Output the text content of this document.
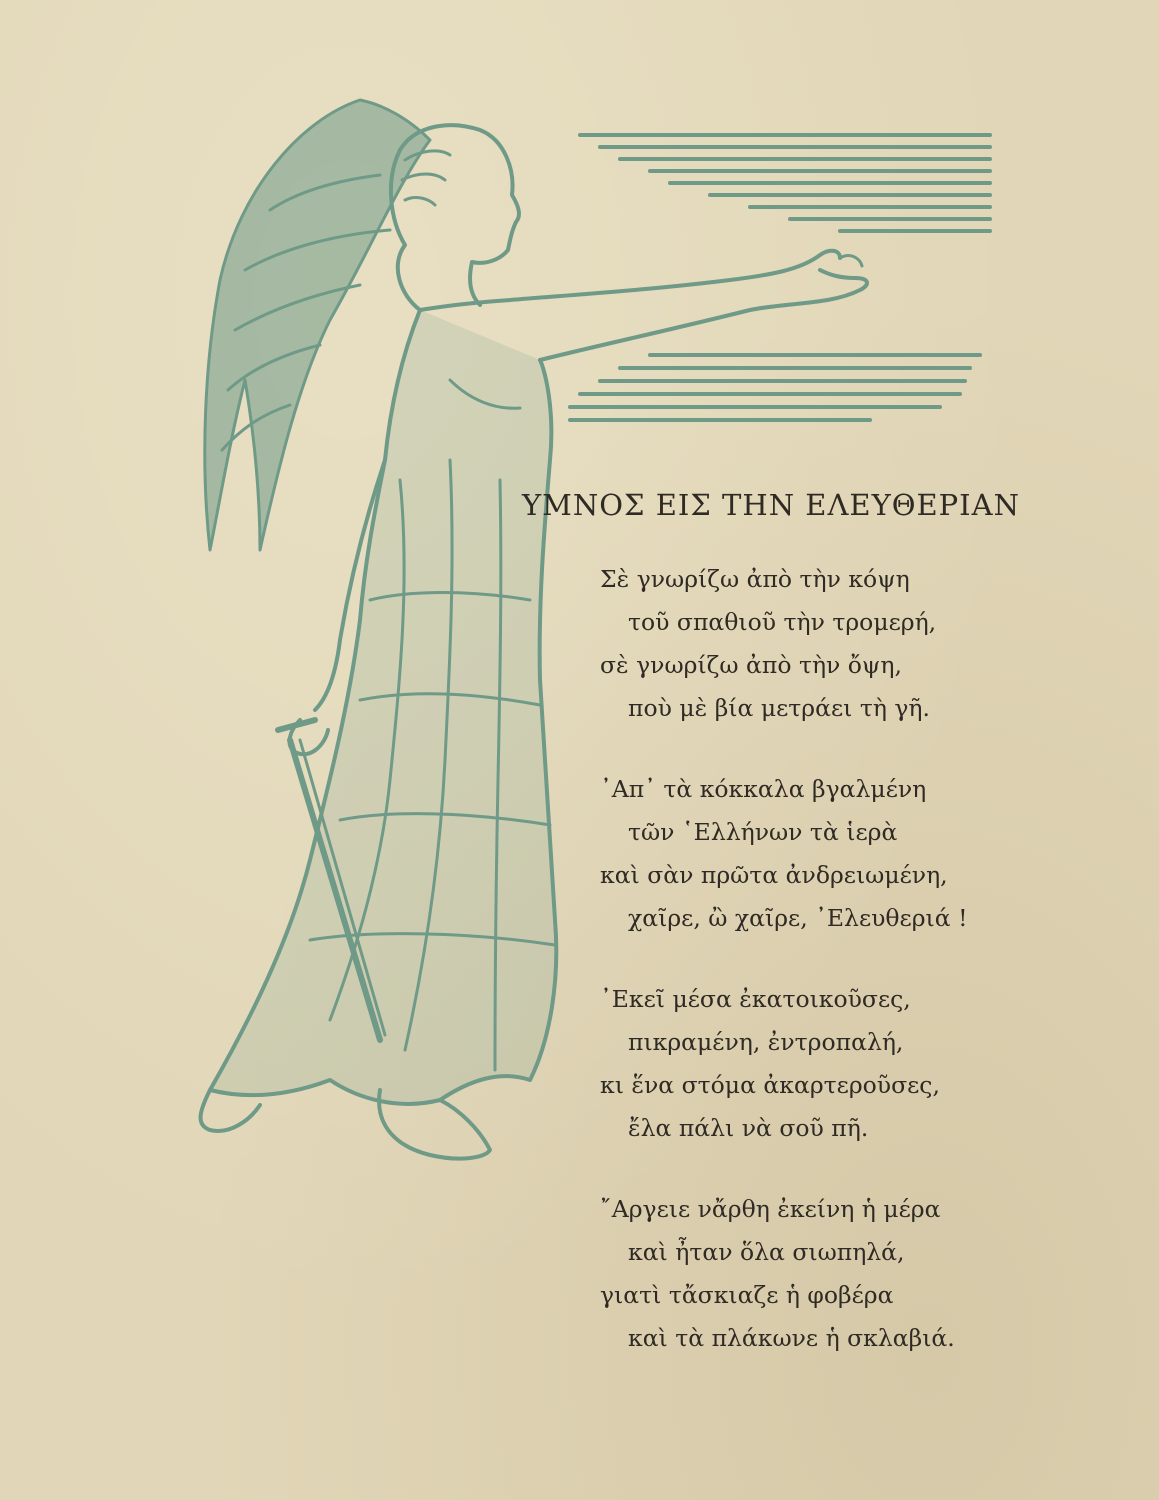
ΥΜΝΟΣ ΕΙΣ ΤΗΝ ΕΛΕΥΘΕΡΙΑΝ
Σὲ γνωρίζω ἀπὸ τὴν κόψη
τοῦ σπαθιοῦ τὴν τρομερή,
σὲ γνωρίζω ἀπὸ τὴν ὄψη,
ποὺ μὲ βία μετράει τὴ γῆ.
᾿Απ᾿ τὰ κόκκαλα βγαλμένη
τῶν ῾Ελλήνων τὰ ἱερὰ
καὶ σὰν πρῶτα ἀνδρειωμένη,
χαῖρε, ὢ χαῖρε, ᾿Ελευθεριά !
᾿Εκεῖ μέσα ἐκατοικοῦσες,
πικραμένη, ἐντροπαλή,
κι ἕνα στόμα ἀκαρτεροῦσες,
ἔλα πάλι νὰ σοῦ πῆ.
῎Αργειε νἄρθη ἐκείνη ἡ μέρα
καὶ ἦταν ὅλα σιωπηλά,
γιατὶ τἄσκιαζε ἡ φοβέρα
καὶ τὰ πλάκωνε ἡ σκλαβιά.
